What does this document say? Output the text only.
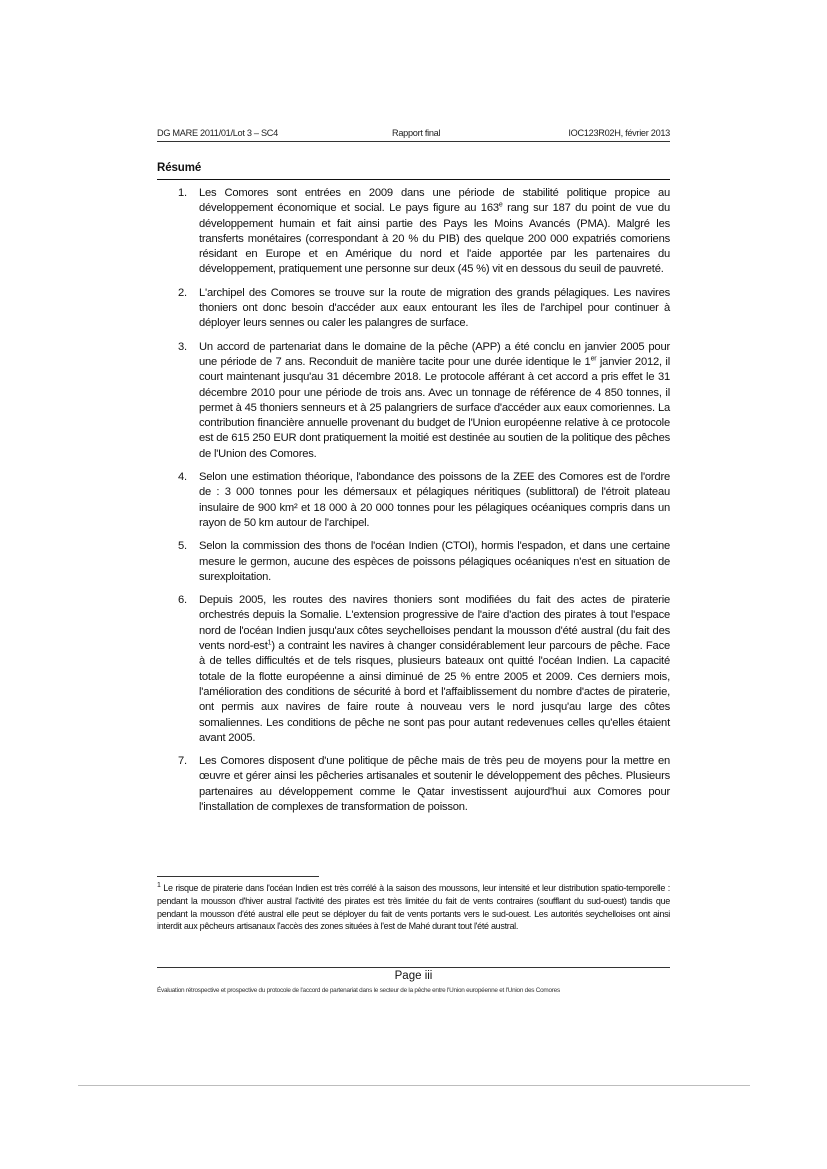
DG MARE 2011/01/Lot 3 – SC4	Rapport final	IOC123R02H, février 2013
Résumé
1. Les Comores sont entrées en 2009 dans une période de stabilité politique propice au développement économique et social. Le pays figure au 163e rang sur 187 du point de vue du développement humain et fait ainsi partie des Pays les Moins Avancés (PMA). Malgré les transferts monétaires (correspondant à 20 % du PIB) des quelque 200 000 expatriés comoriens résidant en Europe et en Amérique du nord et l'aide apportée par les partenaires du développement, pratiquement une personne sur deux (45 %) vit en dessous du seuil de pauvreté.
2. L'archipel des Comores se trouve sur la route de migration des grands pélagiques. Les navires thoniers ont donc besoin d'accéder aux eaux entourant les îles de l'archipel pour continuer à déployer leurs sennes ou caler les palangres de surface.
3. Un accord de partenariat dans le domaine de la pêche (APP) a été conclu en janvier 2005 pour une période de 7 ans. Reconduit de manière tacite pour une durée identique le 1er janvier 2012, il court maintenant jusqu'au 31 décembre 2018. Le protocole afférant à cet accord a pris effet le 31 décembre 2010 pour une période de trois ans. Avec un tonnage de référence de 4 850 tonnes, il permet à 45 thoniers senneurs et à 25 palangriers de surface d'accéder aux eaux comoriennes. La contribution financière annuelle provenant du budget de l'Union européenne relative à ce protocole est de 615 250 EUR dont pratiquement la moitié est destinée au soutien de la politique des pêches de l'Union des Comores.
4. Selon une estimation théorique, l'abondance des poissons de la ZEE des Comores est de l'ordre de : 3 000 tonnes pour les démersaux et pélagiques néritiques (sublittoral) de l'étroit plateau insulaire de 900 km² et 18 000 à 20 000 tonnes pour les pélagiques océaniques compris dans un rayon de 50 km autour de l'archipel.
5. Selon la commission des thons de l'océan Indien (CTOI), hormis l'espadon, et dans une certaine mesure le germon, aucune des espèces de poissons pélagiques océaniques n'est en situation de surexploitation.
6. Depuis 2005, les routes des navires thoniers sont modifiées du fait des actes de piraterie orchestrés depuis la Somalie. L'extension progressive de l'aire d'action des pirates à tout l'espace nord de l'océan Indien jusqu'aux côtes seychelloises pendant la mousson d'été austral (du fait des vents nord-est$^1$) a contraint les navires à changer considérablement leur parcours de pêche. Face à de telles difficultés et de tels risques, plusieurs bateaux ont quitté l'océan Indien. La capacité totale de la flotte européenne a ainsi diminué de 25 % entre 2005 et 2009. Ces derniers mois, l'amélioration des conditions de sécurité à bord et l'affaiblissement du nombre d'actes de piraterie, ont permis aux navires de faire route à nouveau vers le nord jusqu'au large des côtes somaliennes. Les conditions de pêche ne sont pas pour autant redevenues celles qu'elles étaient avant 2005.
7. Les Comores disposent d'une politique de pêche mais de très peu de moyens pour la mettre en œuvre et gérer ainsi les pêcheries artisanales et soutenir le développement des pêches. Plusieurs partenaires au développement comme le Qatar investissent aujourd'hui aux Comores pour l'installation de complexes de transformation de poisson.
$^1$ Le risque de piraterie dans l'océan Indien est très corrélé à la saison des moussons, leur intensité et leur distribution spatio-temporelle : pendant la mousson d'hiver austral l'activité des pirates est très limitée du fait de vents contraires (soufflant du sud-ouest) tandis que pendant la mousson d'été austral elle peut se déployer du fait de vents portants vers le sud-ouest. Les autorités seychelloises ont ainsi interdit aux pêcheurs artisanaux l'accès des zones situées à l'est de Mahé durant tout l'été austral.
Page iii
Évaluation rétrospective et prospective du protocole de l'accord de partenariat dans le secteur de la pêche entre l'Union européenne et l'Union des Comores
